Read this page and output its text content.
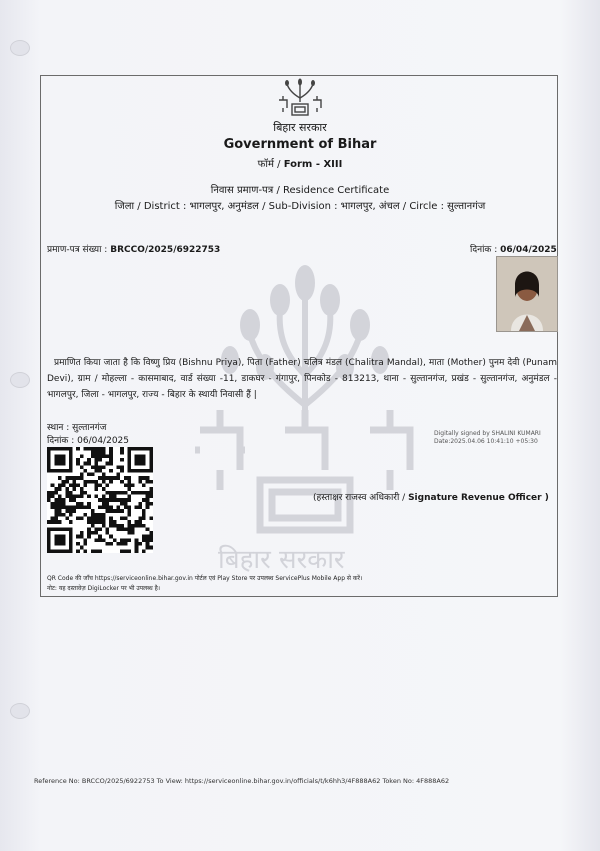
बिहार सरकार
बिहार सरकार
Government of Bihar
फॉर्म / Form - XIII
निवास प्रमाण-पत्र / Residence Certificate
जिला / District : भागलपुर, अनुमंडल / Sub-Division : भागलपुर, अंचल / Circle : सुल्तानगंज
प्रमाण-पत्र संख्या : BRCCO/2025/6922753	दिनांक : 06/04/2025
प्रमाणित किया जाता है कि विष्णु प्रिय (Bishnu Priya), पिता (Father) चलित्र मंडल (Chalitra Mandal), माता (Mother) पुनम देवी (Punam Devi), ग्राम / मोहल्ला - कासमाबाद, वार्ड संख्या -11, डाकघर - गंगापुर, पिनकोड - 813213, थाना - सुल्तानगंज, प्रखंड - सुल्तानगंज, अनुमंडल - भागलपुर, जिला - भागलपुर, राज्य - बिहार के स्थायी निवासी हैं |
स्थान : सुल्तानगंज
दिनांक : 06/04/2025
Digitally signed by SHALINI KUMARI
Date:2025.04.06 10:41:10 +05:30
(हस्ताक्षर राजस्व अधिकारी / Signature Revenue Officer )
QR Code की जाँच https://serviceonline.bihar.gov.in पोर्टल एवं Play Store पर उपलब्ध ServicePlus Mobile App से करें।
नोट: यह दस्तावेज़ DigiLocker पर भी उपलब्ध है।
Reference No: BRCCO/2025/6922753 To View: https://serviceonline.bihar.gov.in/officials/t/k6hh3/4F888A62 Token No: 4F888A62
